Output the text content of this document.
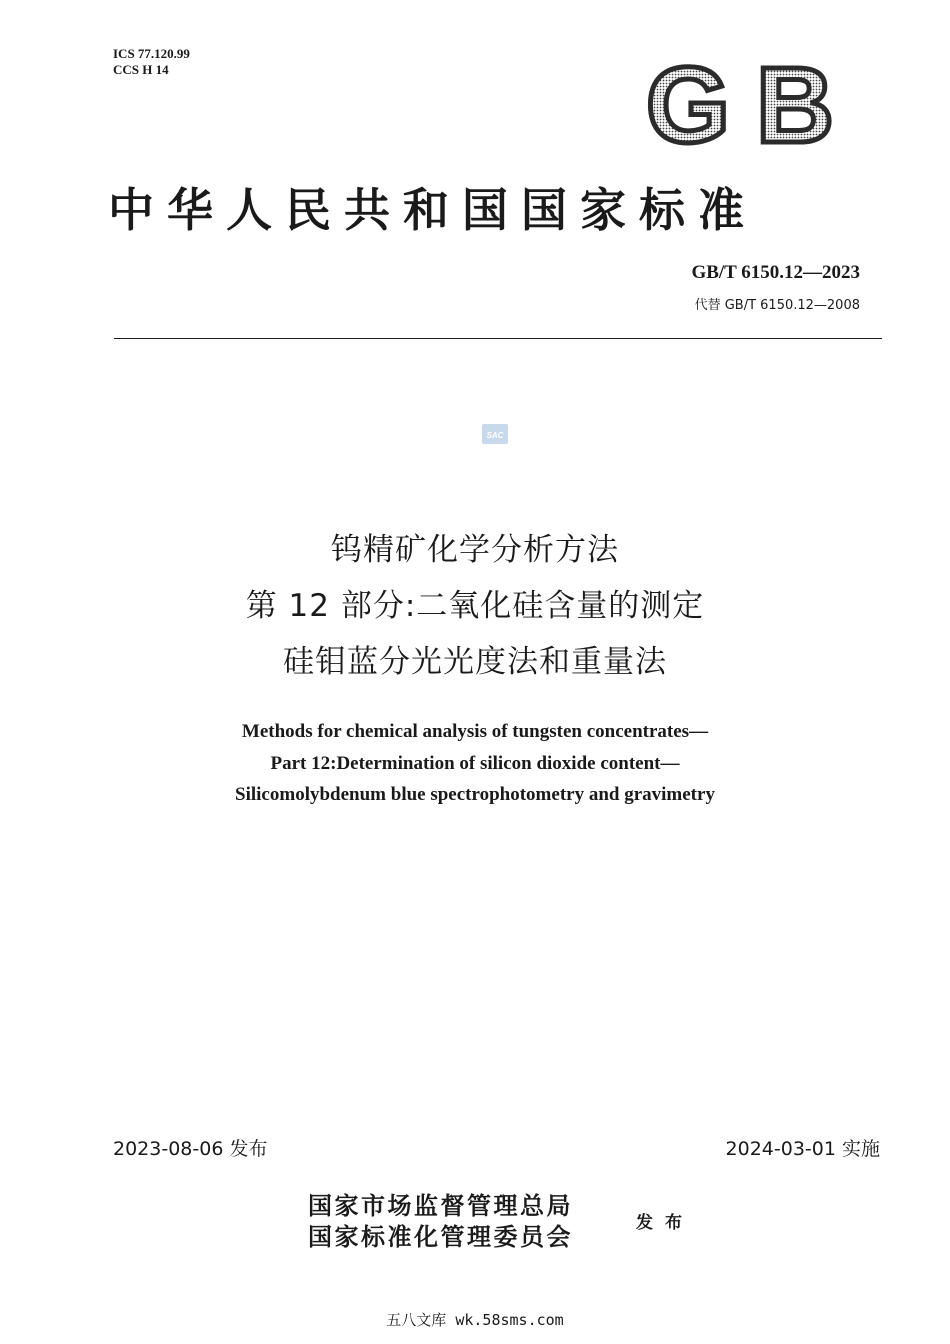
ICS 77.120.99
CCS H 14	GB
中华人民共和国国家标准
GB/T 6150.12—2023
代替 GB/T 6150.12—2008
SAC
钨精矿化学分析方法
第 12 部分:二氧化硅含量的测定
硅钼蓝分光光度法和重量法
Methods for chemical analysis of tungsten concentrates—
Part 12:Determination of silicon dioxide content—
Silicomolybdenum blue spectrophotometry and gravimetry
2023-08-06 发布	2024-03-01 实施
国家市场监督管理总局
国家标准化管理委员会	发布
五八文库 wk.58sms.com
